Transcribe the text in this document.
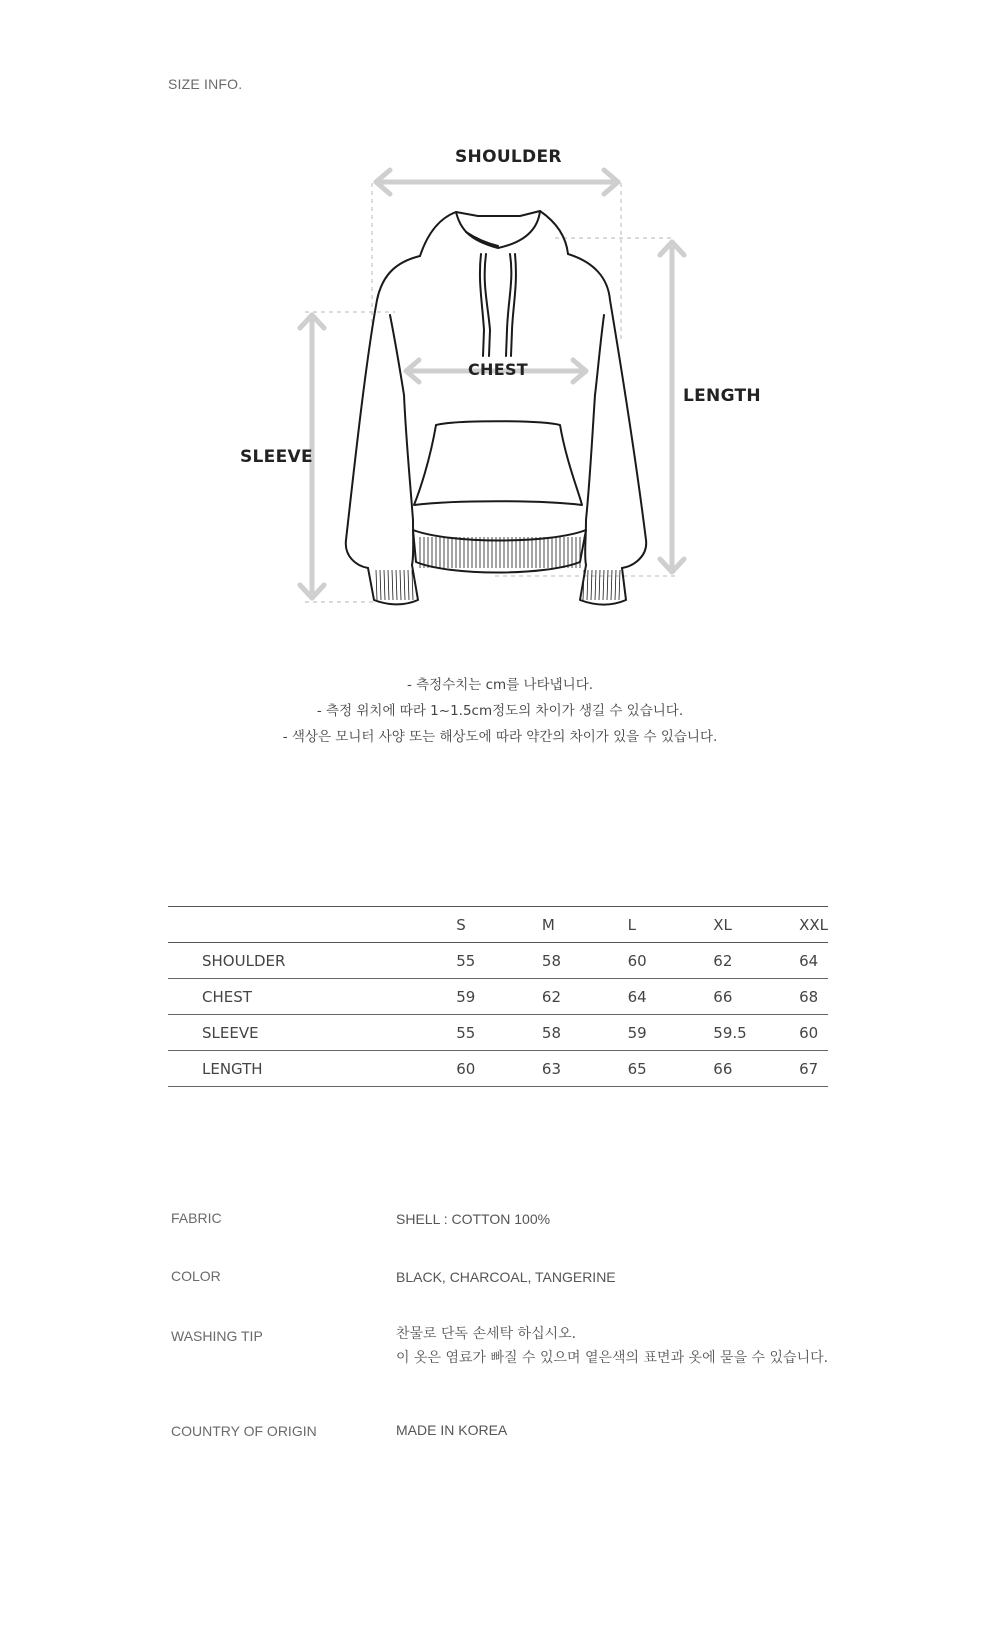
SIZE INFO.
SHOULDER
CHEST
LENGTH
SLEEVE
- 측정수치는 cm를 나타냅니다.
- 측정 위치에 따라 1~1.5cm정도의 차이가 생길 수 있습니다.
- 색상은 모니터 사양 또는 해상도에 따라 약간의 차이가 있을 수 있습니다.
	S	M	L	XL	XXL
SHOULDER	55	58	60	62	64
CHEST	59	62	64	66	68
SLEEVE	55	58	59	59.5	60
LENGTH	60	63	65	66	67
FABRIC	SHELL : COTTON 100%
COLOR	BLACK, CHARCOAL, TANGERINE
WASHING TIP	찬물로 단독 손세탁 하십시오.
이 옷은 염료가 빠질 수 있으며 옅은색의 표면과 옷에 묻을 수 있습니다.
COUNTRY OF ORIGIN	MADE IN KOREA
